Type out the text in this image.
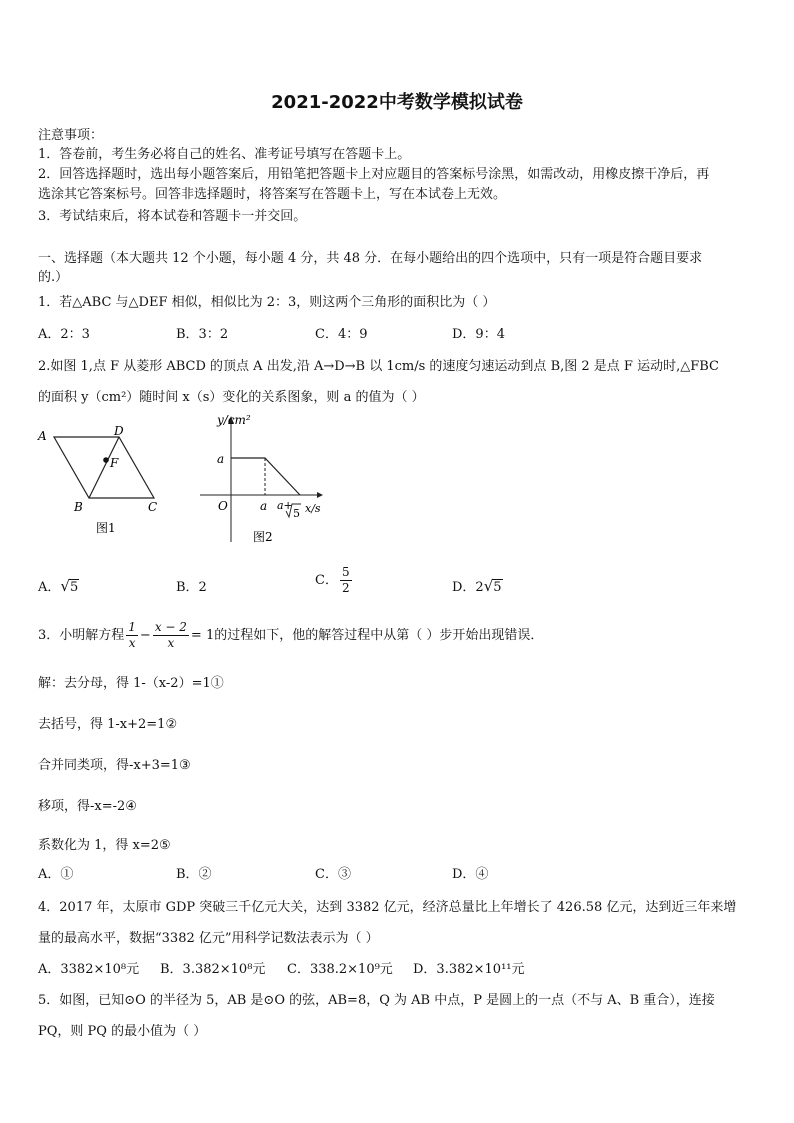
2021-2022中考数学模拟试卷
注意事项：
1．答卷前，考生务必将自己的姓名、准考证号填写在答题卡上。
2．回答选择题时，选出每小题答案后，用铅笔把答题卡上对应题目的答案标号涂黑，如需改动，用橡皮擦干净后，再
选涂其它答案标号。回答非选择题时，将答案写在答题卡上，写在本试卷上无效。
3．考试结束后，将本试卷和答题卡一并交回。
一、选择题（本大题共 12 个小题，每小题 4 分，共 48 分．在每小题给出的四个选项中，只有一项是符合题目要求
的.）
1．若△ABC 与△DEF 相似，相似比为 2：3，则这两个三角形的面积比为（ ）
A．2：3	B．3：2	C．4：9	D．9：4
2.如图 1,点 F 从菱形 ABCD 的顶点 A 出发,沿 A→D→B 以 1cm/s 的速度匀速运动到点 B,图 2 是点 F 运动时,△FBC
的面积 y（cm²）随时间 x（s）变化的关系图象，则 a 的值为（ ）
A	D
F
B	C
图1
y/cm²
a
O	a a+
5 x/s
图2
A．√5	B．2	C． $\frac{5}{2}$	D．2√5
3．小明解方程 $\frac{1}{x} - \frac{x - 2}{x} = 1$的过程如下，他的解答过程中从第（ ）步开始出现错误．
解：去分母，得 1-（x-2）=1①
去括号，得 1-x+2=1②
合并同类项，得-x+3=1③
移项，得-x=-2④
系数化为 1，得 x=2⑤
A．①	B．②	C．③	D．④
4．2017 年，太原市 GDP 突破三千亿元大关，达到 3382 亿元，经济总量比上年增长了 426.58 亿元，达到近三年来增
量的最高水平，数据“3382 亿元”用科学记数法表示为（ ）
A．3382×10⁸元 B．3.382×10⁸元 C．338.2×10⁹元 D．3.382×10¹¹元
5．如图，已知⊙O 的半径为 5，AB 是⊙O 的弦，AB=8，Q 为 AB 中点，P 是圆上的一点（不与 A、B 重合），连接
PQ，则 PQ 的最小值为（ ）
